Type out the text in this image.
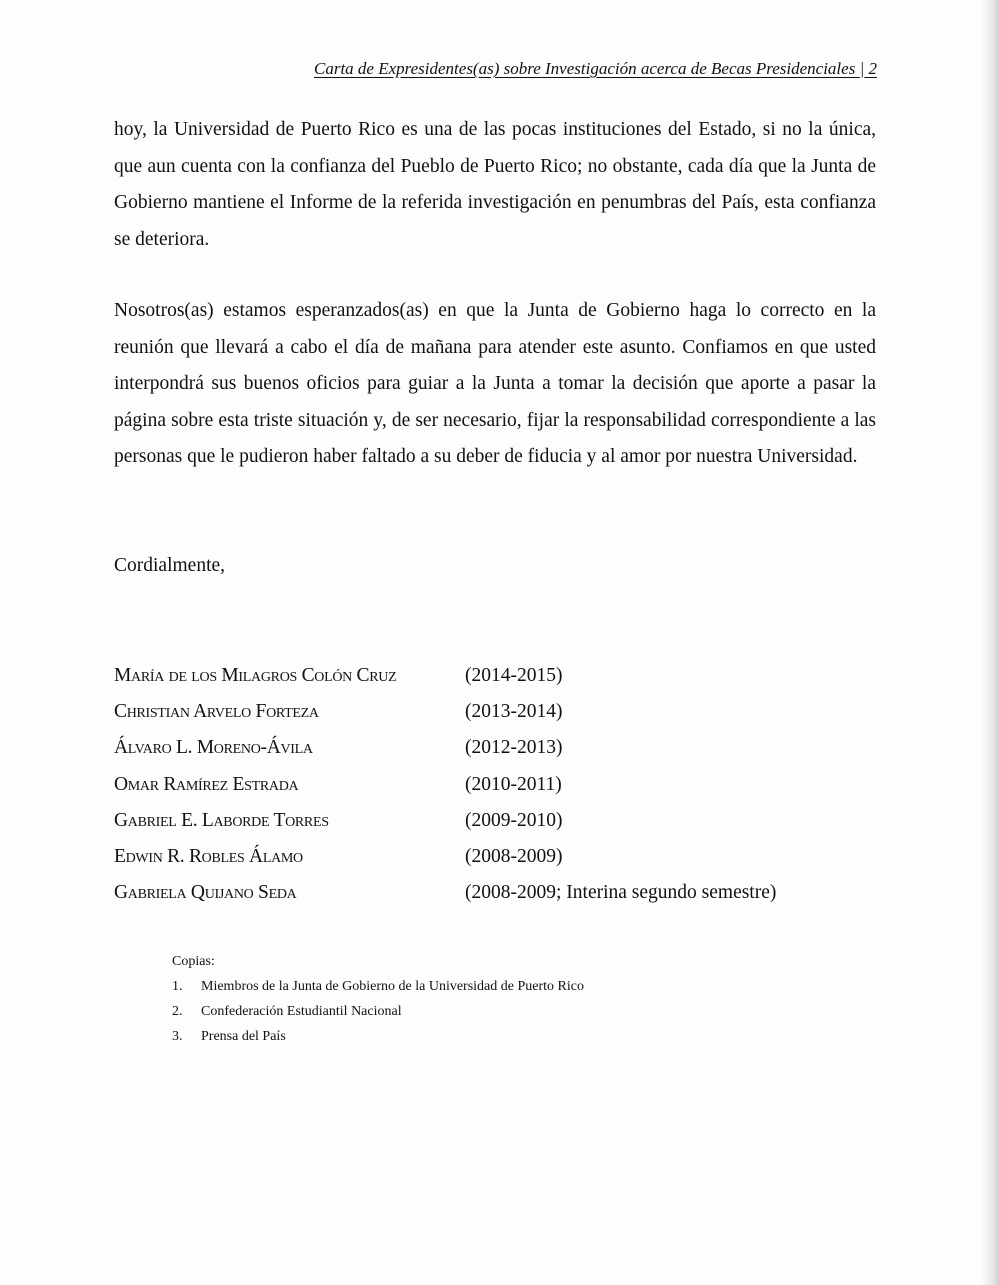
Carta de Expresidentes(as) sobre Investigación acerca de Becas Presidenciales | 2

hoy, la Universidad de Puerto Rico es una de las pocas instituciones del Estado, si no la única, que aun cuenta con la confianza del Pueblo de Puerto Rico; no obstante, cada día que la Junta de Gobierno mantiene el Informe de la referida investigación en penumbras del País, esta confianza se deteriora.

Nosotros(as) estamos esperanzados(as) en que la Junta de Gobierno haga lo correcto en la reunión que llevará a cabo el día de mañana para atender este asunto. Confiamos en que usted interpondrá sus buenos oficios para guiar a la Junta a tomar la decisión que aporte a pasar la página sobre esta triste situación y, de ser necesario, fijar la responsabilidad correspondiente a las personas que le pudieron haber faltado a su deber de fiducia y al amor por nuestra Universidad.

Cordialmente,
María de los Milagros Colón Cruz	(2014-2015)
Christian Arvelo Forteza	(2013-2014)
Álvaro L. Moreno-Ávila	(2012-2013)
Omar Ramírez Estrada	(2010-2011)
Gabriel E. Laborde Torres	(2009-2010)
Edwin R. Robles Álamo	(2008-2009)
Gabriela Quijano Seda	(2008-2009; Interina segundo semestre)
Copias:
1.	Miembros de la Junta de Gobierno de la Universidad de Puerto Rico
2.	Confederación Estudiantil Nacional
3.	Prensa del País
